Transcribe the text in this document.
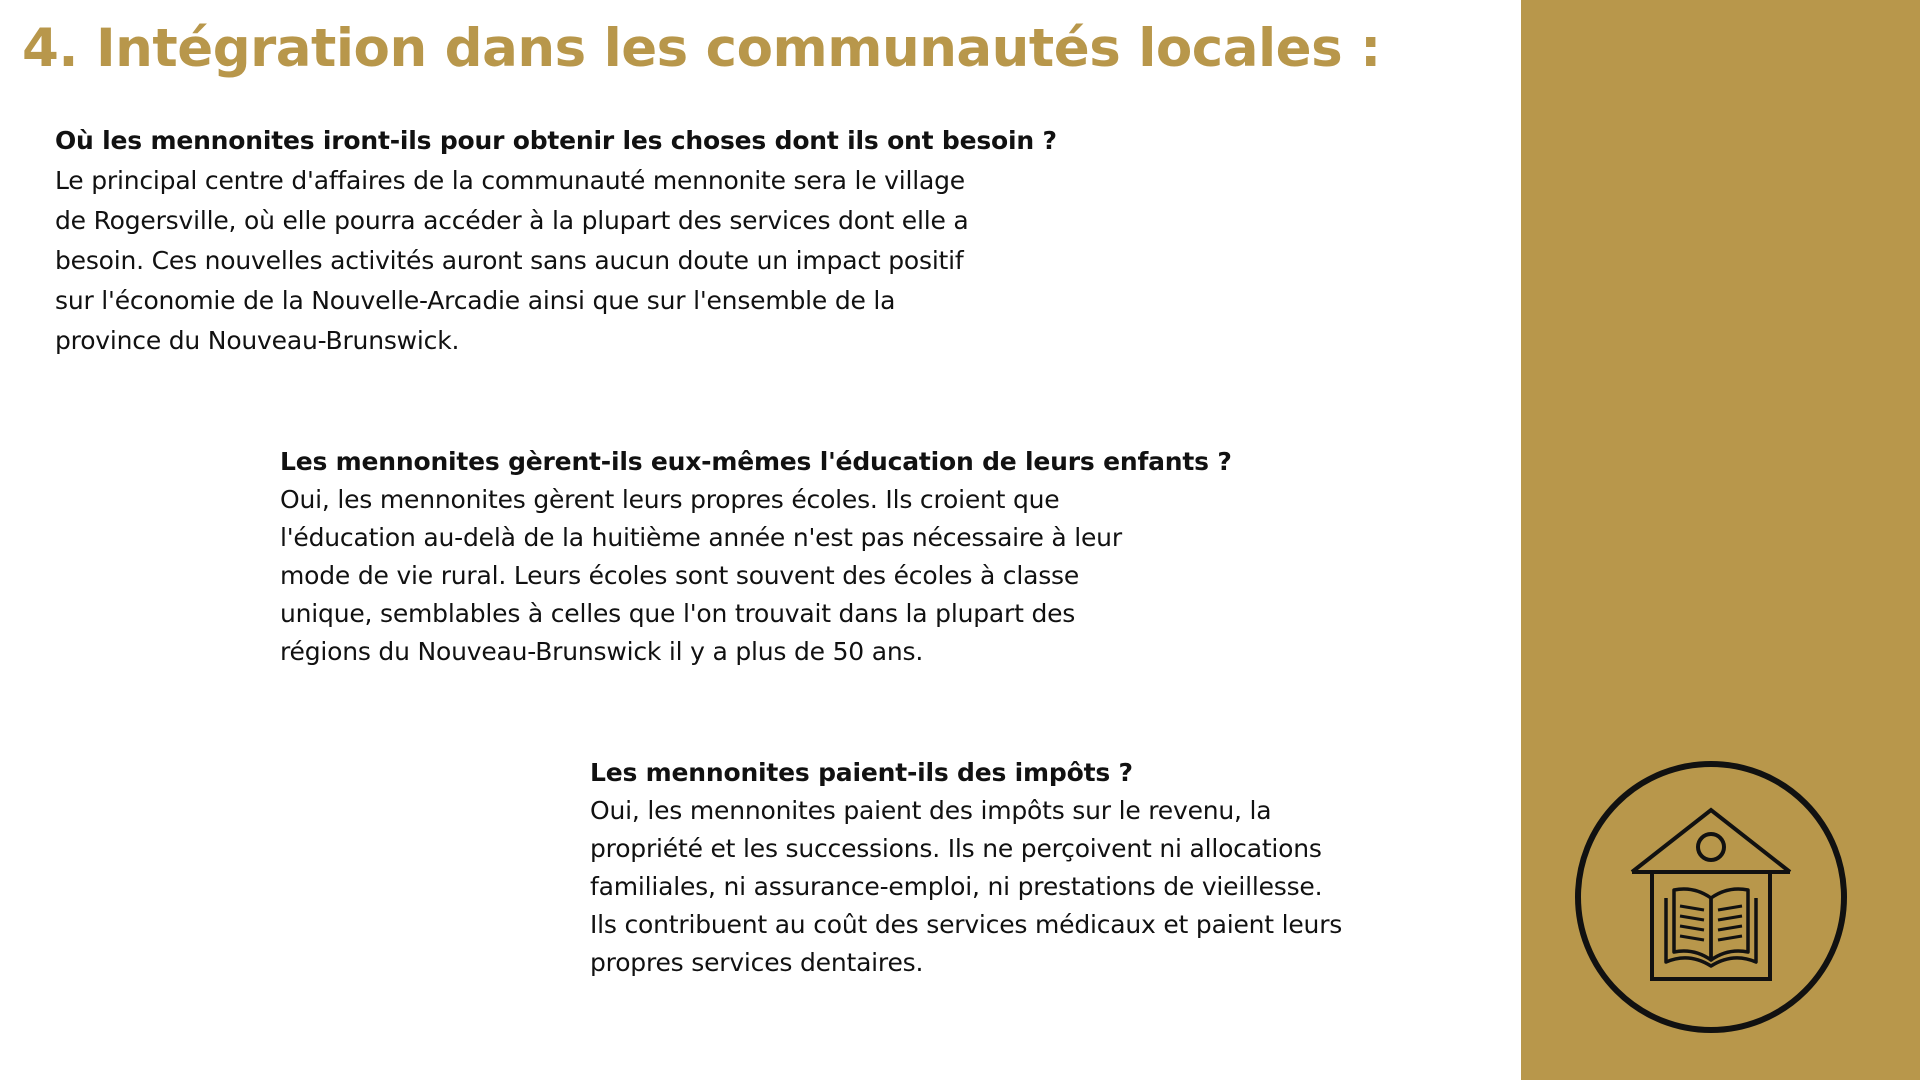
4. Intégration dans les communautés locales :

Où les mennonites iront-ils pour obtenir les choses dont ils ont besoin ?

Le principal centre d'affaires de la communauté mennonite sera le village
de Rogersville, où elle pourra accéder à la plupart des services dont elle a
besoin. Ces nouvelles activités auront sans aucun doute un impact positif
sur l'économie de la Nouvelle-Arcadie ainsi que sur l'ensemble de la
province du Nouveau-Brunswick.

Les mennonites gèrent-ils eux-mêmes l'éducation de leurs enfants ?

Oui, les mennonites gèrent leurs propres écoles. Ils croient que
l'éducation au-delà de la huitième année n'est pas nécessaire à leur
mode de vie rural. Leurs écoles sont souvent des écoles à classe
unique, semblables à celles que l'on trouvait dans la plupart des
régions du Nouveau-Brunswick il y a plus de 50 ans.

Les mennonites paient-ils des impôts ?

Oui, les mennonites paient des impôts sur le revenu, la
propriété et les successions. Ils ne perçoivent ni allocations
familiales, ni assurance-emploi, ni prestations de vieillesse.
Ils contribuent au coût des services médicaux et paient leurs
propres services dentaires.
